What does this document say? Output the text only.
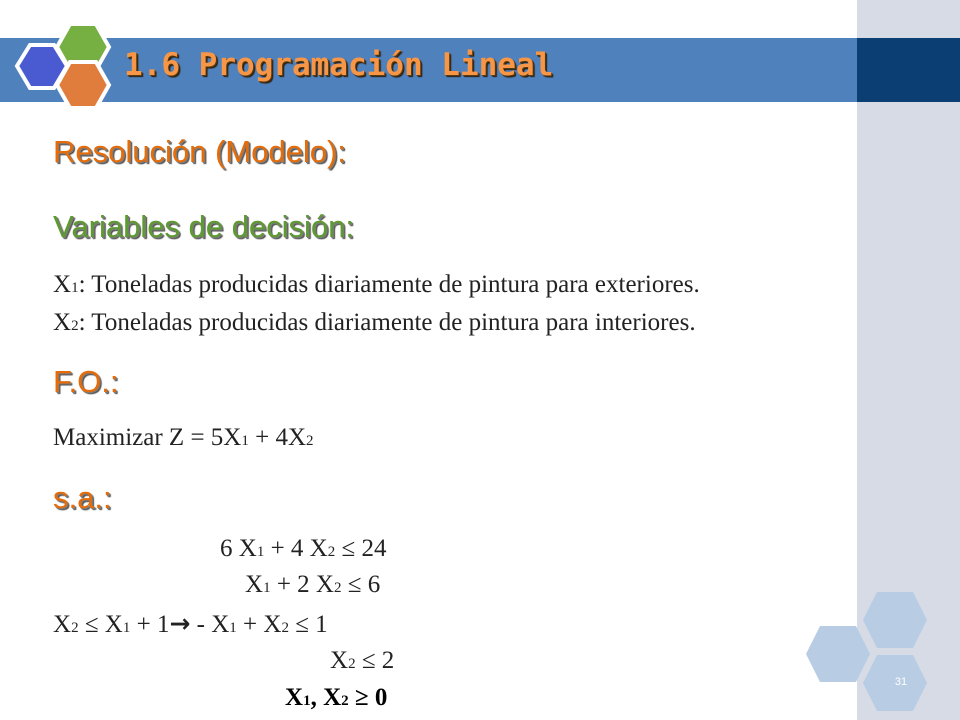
1.6 Programación Lineal
Resolución (Modelo):
Variables de decisión:
X1: Toneladas producidas diariamente de pintura para exteriores.
X2: Toneladas producidas diariamente de pintura para interiores.
F.O.:
Maximizar Z = 5X1 + 4X2
s.a.:
6 X1 + 4 X2 ≤ 24
X1 + 2 X2 ≤ 6
X2 ≤ X1 + 1→ - X1 + X2 ≤ 1
X2 ≤ 2
X1, X2 ≥ 0
31
